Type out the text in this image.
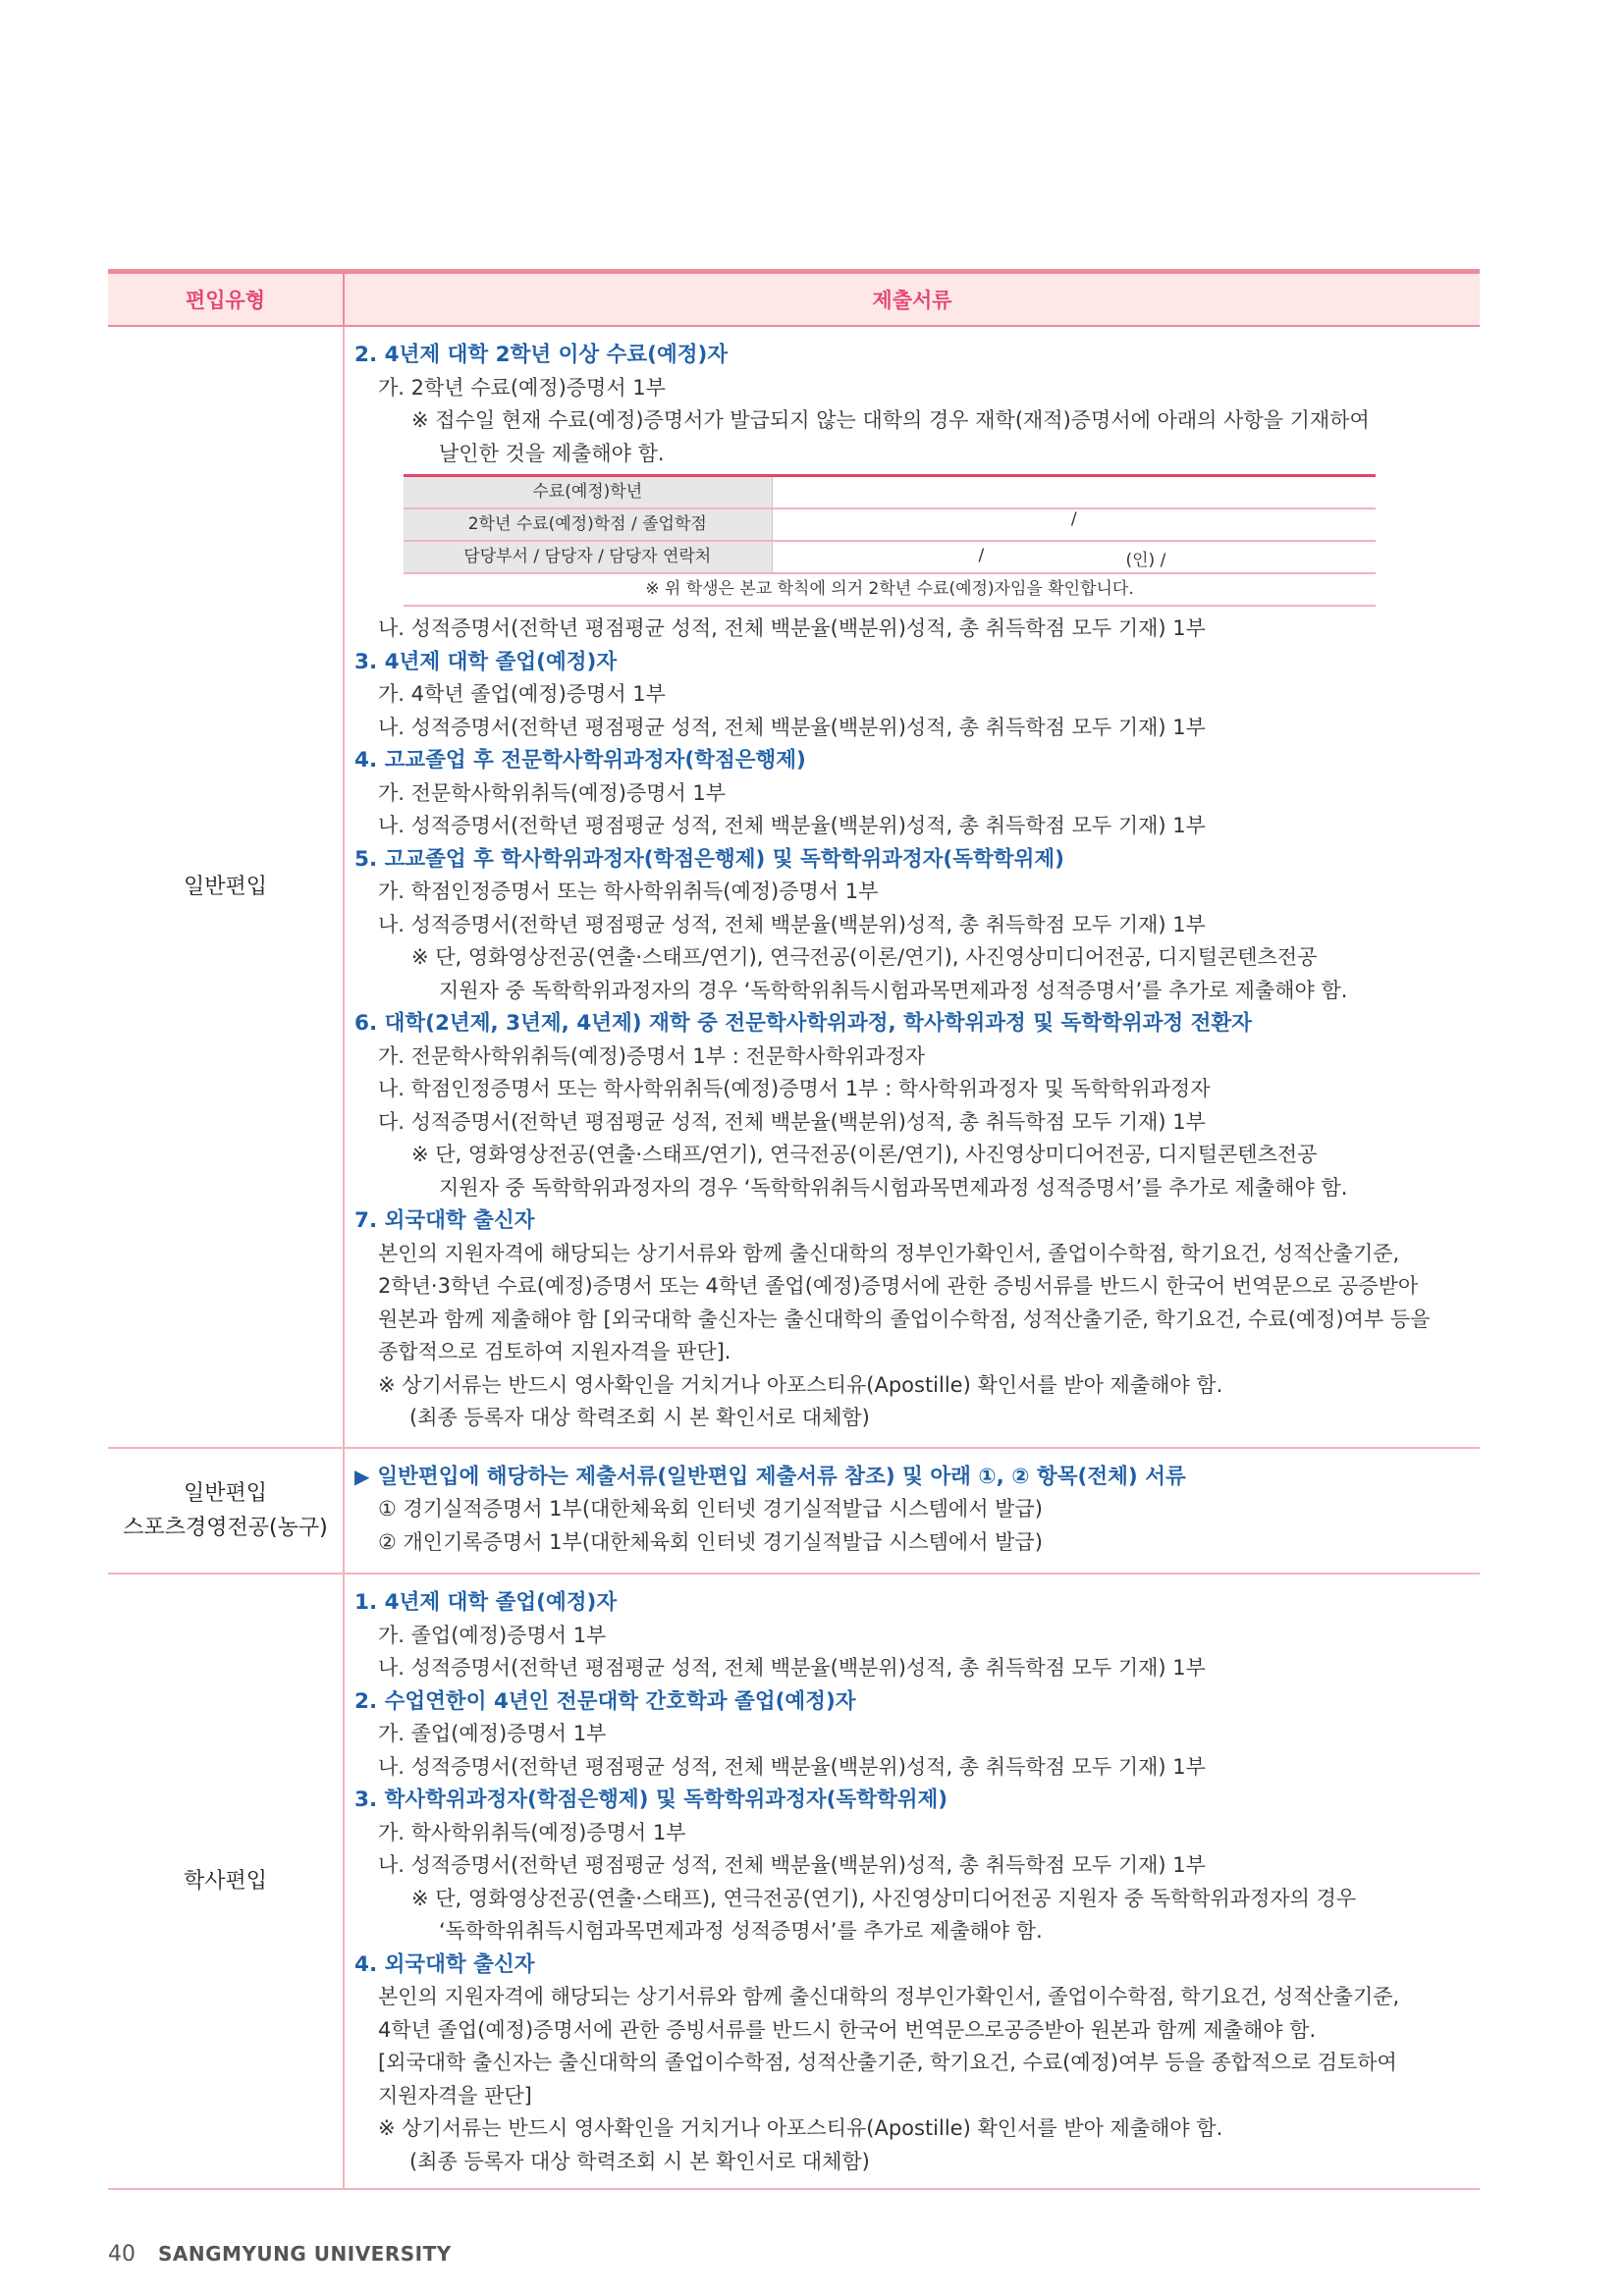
편입유형	제출서류
일반편입	
2. 4년제 대학 2학년 이상 수료(예정)자
가. 2학년 수료(예정)증명서 1부
※ 접수일 현재 수료(예정)증명서가 발급되지 않는 대학의 경우 재학(재적)증명서에 아래의 사항을 기재하여
날인한 것을 제출해야 함.
수료(예정)학년	
2학년 수료(예정)학점 / 졸업학점	/
담당부서 / 담당자 / 담당자 연락처	/	(인) /

※ 위 학생은 본교 학칙에 의거 2학년 수료(예정)자임을 확인합니다.
나. 성적증명서(전학년 평점평균 성적, 전체 백분율(백분위)성적, 총 취득학점 모두 기재) 1부
3. 4년제 대학 졸업(예정)자
가. 4학년 졸업(예정)증명서 1부
나. 성적증명서(전학년 평점평균 성적, 전체 백분율(백분위)성적, 총 취득학점 모두 기재) 1부
4. 고교졸업 후 전문학사학위과정자(학점은행제)
가. 전문학사학위취득(예정)증명서 1부
나. 성적증명서(전학년 평점평균 성적, 전체 백분율(백분위)성적, 총 취득학점 모두 기재) 1부
5. 고교졸업 후 학사학위과정자(학점은행제) 및 독학학위과정자(독학학위제)
가. 학점인정증명서 또는 학사학위취득(예정)증명서 1부
나. 성적증명서(전학년 평점평균 성적, 전체 백분율(백분위)성적, 총 취득학점 모두 기재) 1부
※ 단, 영화영상전공(연출·스태프/연기), 연극전공(이론/연기), 사진영상미디어전공, 디지털콘텐츠전공
지원자 중 독학학위과정자의 경우 ‘독학학위취득시험과목면제과정 성적증명서’를 추가로 제출해야 함.
6. 대학(2년제, 3년제, 4년제) 재학 중 전문학사학위과정, 학사학위과정 및 독학학위과정 전환자
가. 전문학사학위취득(예정)증명서 1부 : 전문학사학위과정자
나. 학점인정증명서 또는 학사학위취득(예정)증명서 1부 : 학사학위과정자 및 독학학위과정자
다. 성적증명서(전학년 평점평균 성적, 전체 백분율(백분위)성적, 총 취득학점 모두 기재) 1부
※ 단, 영화영상전공(연출·스태프/연기), 연극전공(이론/연기), 사진영상미디어전공, 디지털콘텐츠전공
지원자 중 독학학위과정자의 경우 ‘독학학위취득시험과목면제과정 성적증명서’를 추가로 제출해야 함.
7. 외국대학 출신자
본인의 지원자격에 해당되는 상기서류와 함께 출신대학의 정부인가확인서, 졸업이수학점, 학기요건, 성적산출기준,
2학년·3학년 수료(예정)증명서 또는 4학년 졸업(예정)증명서에 관한 증빙서류를 반드시 한국어 번역문으로 공증받아
원본과 함께 제출해야 함 [외국대학 출신자는 출신대학의 졸업이수학점, 성적산출기준, 학기요건, 수료(예정)여부 등을
종합적으로 검토하여 지원자격을 판단].
※ 상기서류는 반드시 영사확인을 거치거나 아포스티유(Apostille) 확인서를 받아 제출해야 함.
(최종 등록자 대상 학력조회 시 본 확인서로 대체함)

일반편입
스포츠경영전공(농구)

▶ 일반편입에 해당하는 제출서류(일반편입 제출서류 참조) 및 아래 ①, ② 항목(전체) 서류
① 경기실적증명서 1부(대한체육회 인터넷 경기실적발급 시스템에서 발급)
② 개인기록증명서 1부(대한체육회 인터넷 경기실적발급 시스템에서 발급)

학사편입	
1. 4년제 대학 졸업(예정)자
가. 졸업(예정)증명서 1부
나. 성적증명서(전학년 평점평균 성적, 전체 백분율(백분위)성적, 총 취득학점 모두 기재) 1부
2. 수업연한이 4년인 전문대학 간호학과 졸업(예정)자
가. 졸업(예정)증명서 1부
나. 성적증명서(전학년 평점평균 성적, 전체 백분율(백분위)성적, 총 취득학점 모두 기재) 1부
3. 학사학위과정자(학점은행제) 및 독학학위과정자(독학학위제)
가. 학사학위취득(예정)증명서 1부
나. 성적증명서(전학년 평점평균 성적, 전체 백분율(백분위)성적, 총 취득학점 모두 기재) 1부
※ 단, 영화영상전공(연출·스태프), 연극전공(연기), 사진영상미디어전공 지원자 중 독학학위과정자의 경우
‘독학학위취득시험과목면제과정 성적증명서’를 추가로 제출해야 함.
4. 외국대학 출신자
본인의 지원자격에 해당되는 상기서류와 함께 출신대학의 정부인가확인서, 졸업이수학점, 학기요건, 성적산출기준,
4학년 졸업(예정)증명서에 관한 증빙서류를 반드시 한국어 번역문으로공증받아 원본과 함께 제출해야 함.
[외국대학 출신자는 출신대학의 졸업이수학점, 성적산출기준, 학기요건, 수료(예정)여부 등을 종합적으로 검토하여
지원자격을 판단]
※ 상기서류는 반드시 영사확인을 거치거나 아포스티유(Apostille) 확인서를 받아 제출해야 함.
(최종 등록자 대상 학력조회 시 본 확인서로 대체함)
40 SANGMYUNG UNIVERSITY
